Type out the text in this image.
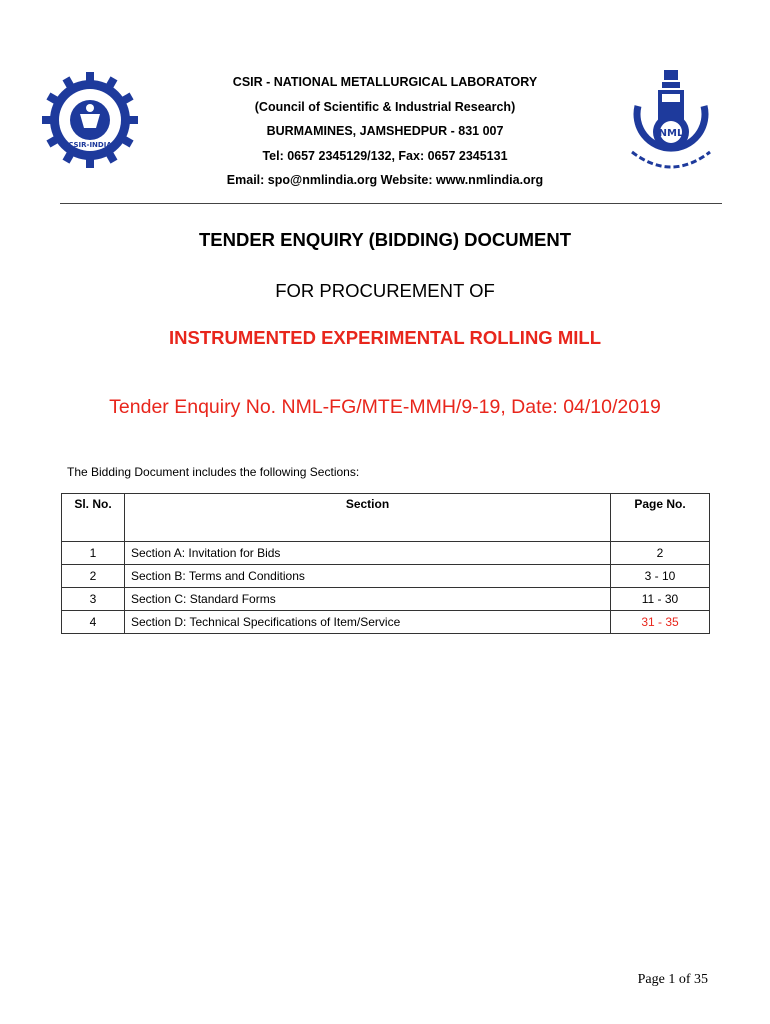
CSIR-INDIA
CSIR - NATIONAL METALLURGICAL LABORATORY
(Council of Scientific & Industrial Research)
BURMAMINES, JAMSHEDPUR - 831 007
Tel: 0657 2345129/132, Fax: 0657 2345131
Email: spo@nmlindia.org Website: www.nmlindia.org
NML
TENDER ENQUIRY (BIDDING) DOCUMENT
FOR PROCUREMENT OF
INSTRUMENTED EXPERIMENTAL ROLLING MILL
Tender Enquiry No. NML-FG/MTE-MMH/9-19, Date: 04/10/2019
The Bidding Document includes the following Sections:
Sl. No.	Section	Page No.
1	Section A: Invitation for Bids	2
2	Section B: Terms and Conditions	3 - 10
3	Section C: Standard Forms	11 - 30
4	Section D: Technical Specifications of Item/Service	31 - 35
Page 1 of 35
